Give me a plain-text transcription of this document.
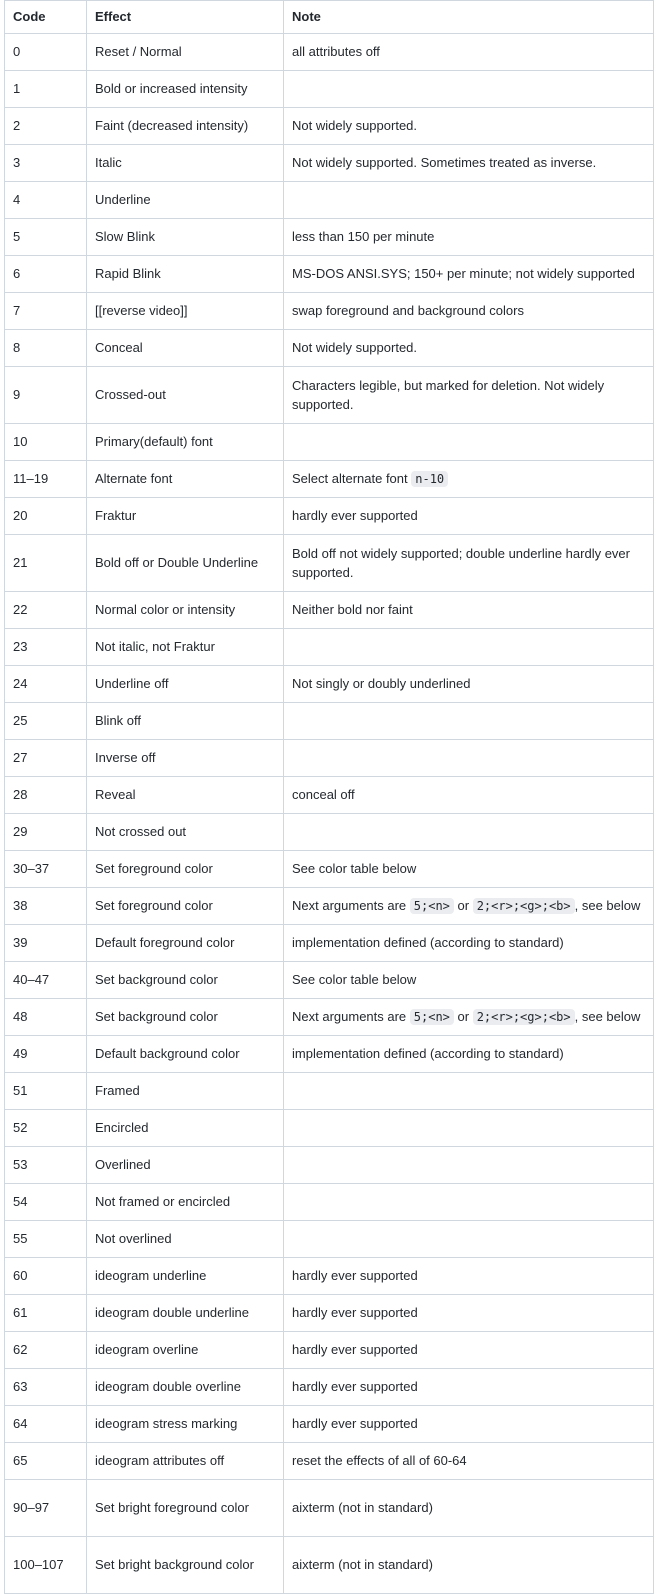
Code	Effect	Note
0	Reset / Normal	all attributes off
1	Bold or increased intensity	
2	Faint (decreased intensity)	Not widely supported.
3	Italic	Not widely supported. Sometimes treated as inverse.
4	Underline	
5	Slow Blink	less than 150 per minute
6	Rapid Blink	MS-DOS ANSI.SYS; 150+ per minute; not widely supported
7	[[reverse video]]	swap foreground and background colors
8	Conceal	Not widely supported.
9	Crossed-out	Characters legible, but marked for deletion. Not widely supported.
10	Primary(default) font	
11–19	Alternate font	Select alternate font n-10
20	Fraktur	hardly ever supported
21	Bold off or Double Underline	Bold off not widely supported; double underline hardly ever supported.
22	Normal color or intensity	Neither bold nor faint
23	Not italic, not Fraktur	
24	Underline off	Not singly or doubly underlined
25	Blink off	
27	Inverse off	
28	Reveal	conceal off
29	Not crossed out	
30–37	Set foreground color	See color table below
38	Set foreground color	Next arguments are 5;<n> or 2;<r>;<g>;<b> , see below
39	Default foreground color	implementation defined (according to standard)
40–47	Set background color	See color table below
48	Set background color	Next arguments are 5;<n> or 2;<r>;<g>;<b> , see below
49	Default background color	implementation defined (according to standard)
51	Framed	
52	Encircled	
53	Overlined	
54	Not framed or encircled	
55	Not overlined	
60	ideogram underline	hardly ever supported
61	ideogram double underline	hardly ever supported
62	ideogram overline	hardly ever supported
63	ideogram double overline	hardly ever supported
64	ideogram stress marking	hardly ever supported
65	ideogram attributes off	reset the effects of all of 60-64
90–97	Set bright foreground color	aixterm (not in standard)
100–107	Set bright background color	aixterm (not in standard)
